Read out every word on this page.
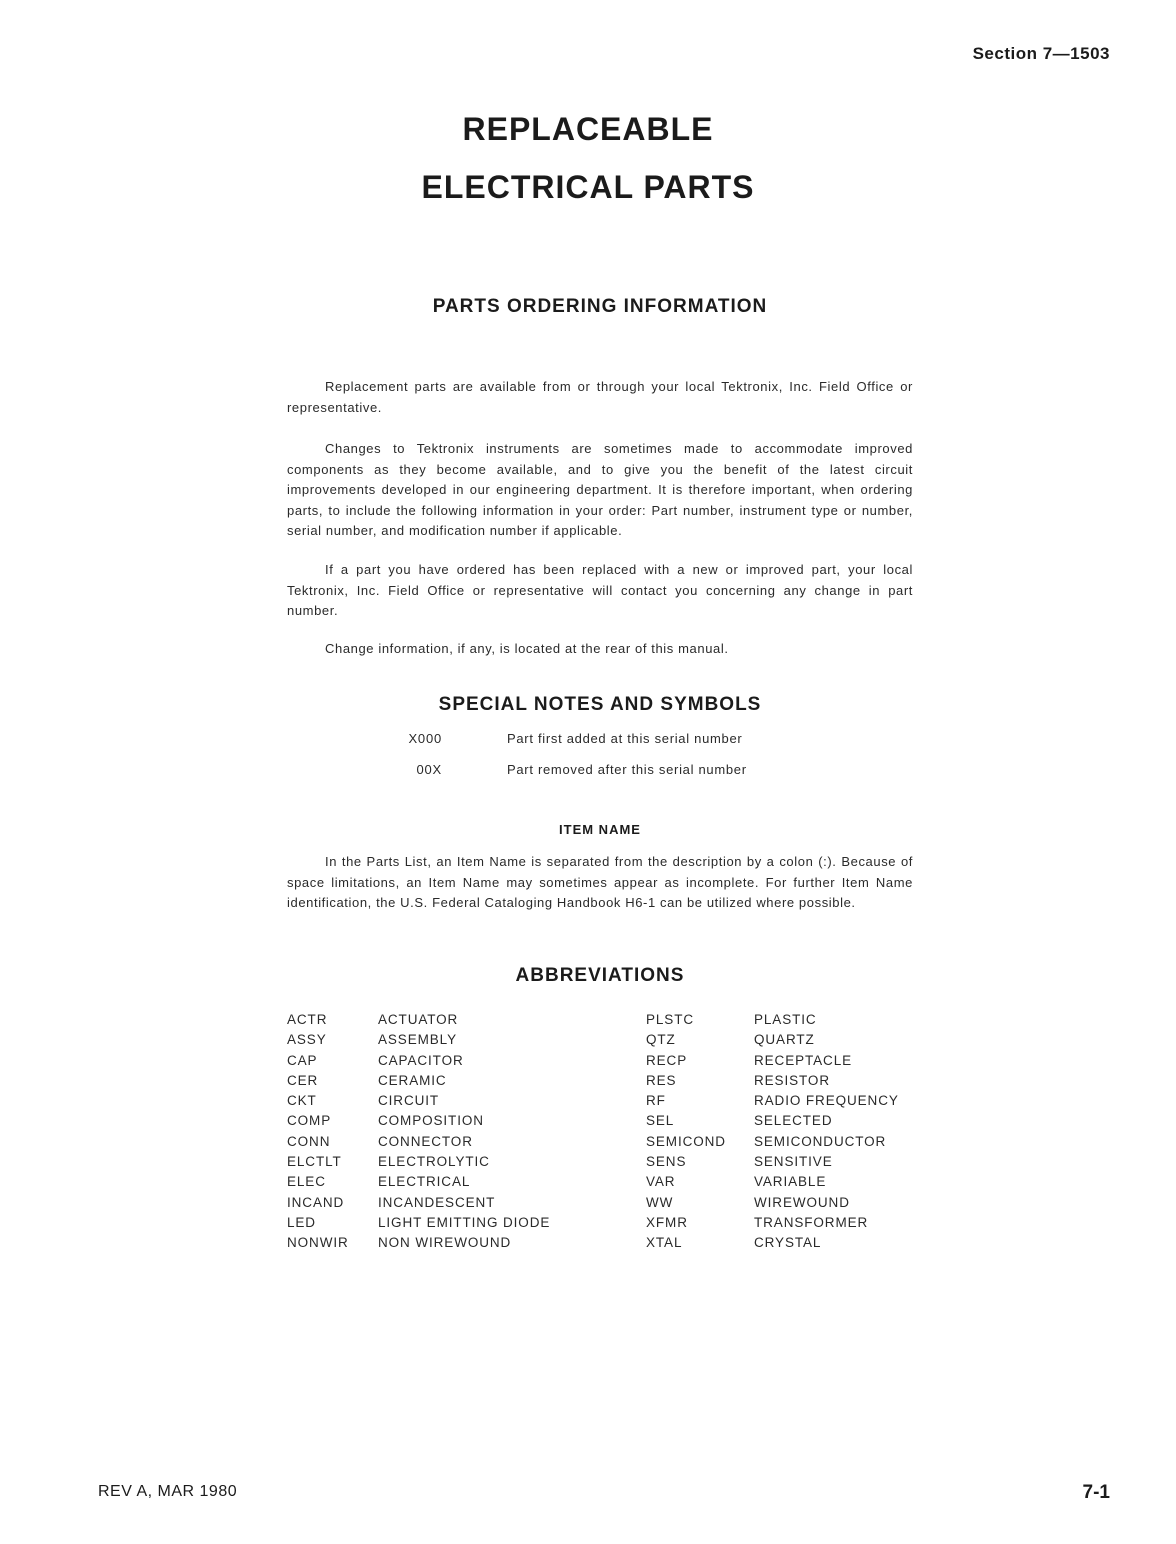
Section 7—1503
REPLACEABLE
ELECTRICAL PARTS
PARTS ORDERING INFORMATION
Replacement parts are available from or through your local Tektronix, Inc. Field Office or representative.
Changes to Tektronix instruments are sometimes made to accommodate improved components as they become available, and to give you the benefit of the latest circuit improvements developed in our engineering department. It is therefore important, when ordering parts, to include the following information in your order: Part number, instrument type or number, serial number, and modification number if applicable.
If a part you have ordered has been replaced with a new or improved part, your local Tektronix, Inc. Field Office or representative will contact you concerning any change in part number.
Change information, if any, is located at the rear of this manual.
SPECIAL NOTES AND SYMBOLS
X000	Part first added at this serial number
00X	Part removed after this serial number
ITEM NAME
In the Parts List, an Item Name is separated from the description by a colon (:). Because of space limitations, an Item Name may sometimes appear as incomplete. For further Item Name identification, the U.S. Federal Cataloging Handbook H6-1 can be utilized where possible.
ABBREVIATIONS
ACTR	ACTUATOR	PLSTC	PLASTIC
ASSY	ASSEMBLY	QTZ	QUARTZ
CAP	CAPACITOR	RECP	RECEPTACLE
CER	CERAMIC	RES	RESISTOR
CKT	CIRCUIT	RF	RADIO FREQUENCY
COMP	COMPOSITION	SEL	SELECTED
CONN	CONNECTOR	SEMICOND	SEMICONDUCTOR
ELCTLT	ELECTROLYTIC	SENS	SENSITIVE
ELEC	ELECTRICAL	VAR	VARIABLE
INCAND	INCANDESCENT	WW	WIREWOUND
LED	LIGHT EMITTING DIODE	XFMR	TRANSFORMER
NONWIR	NON WIREWOUND	XTAL	CRYSTAL
REV A, MAR 1980	7-1
